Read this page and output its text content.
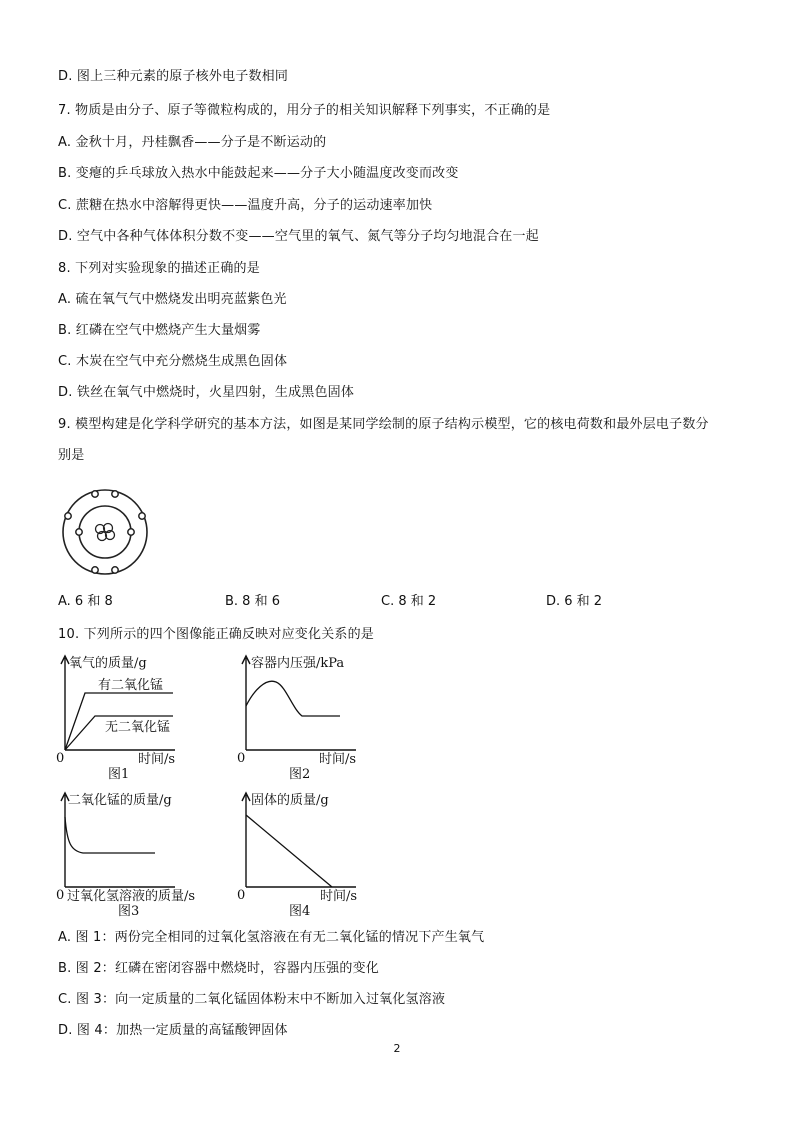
D. 图上三种元素的原子核外电子数相同
7. 物质是由分子、原子等微粒构成的，用分子的相关知识解释下列事实，不正确的是
A. 金秋十月，丹桂飘香——分子是不断运动的
B. 变瘪的乒乓球放入热水中能鼓起来——分子大小随温度改变而改变
C. 蔗糖在热水中溶解得更快——温度升高，分子的运动速率加快
D. 空气中各种气体体积分数不变——空气里的氧气、氮气等分子均匀地混合在一起
8. 下列对实验现象的描述正确的是
A. 硫在氧气气中燃烧发出明亮蓝紫色光
B. 红磷在空气中燃烧产生大量烟雾
C. 木炭在空气中充分燃烧生成黑色固体
D. 铁丝在氧气中燃烧时，火星四射，生成黑色固体
9. 模型构建是化学科学研究的基本方法，如图是某同学绘制的原子结构示模型，它的核电荷数和最外层电子数分
别是
A. 6 和 8	B. 8 和 6	C. 8 和 2	D. 6 和 2
10. 下列所示的四个图像能正确反映对应变化关系的是
氧气的质量/g
有二氧化锰
无二氧化锰
0	时间/s
图1
容器内压强/kPa
0	时间/s
图2
二氧化锰的质量/g
0 过氧化氢溶液的质量/s
图3
固体的质量/g
0	时间/s
图4
A. 图 1：两份完全相同的过氧化氢溶液在有无二氧化锰的情况下产生氧气
B. 图 2：红磷在密闭容器中燃烧时，容器内压强的变化
C. 图 3：向一定质量的二氧化锰固体粉末中不断加入过氧化氢溶液
D. 图 4：加热一定质量的高锰酸钾固体
2
